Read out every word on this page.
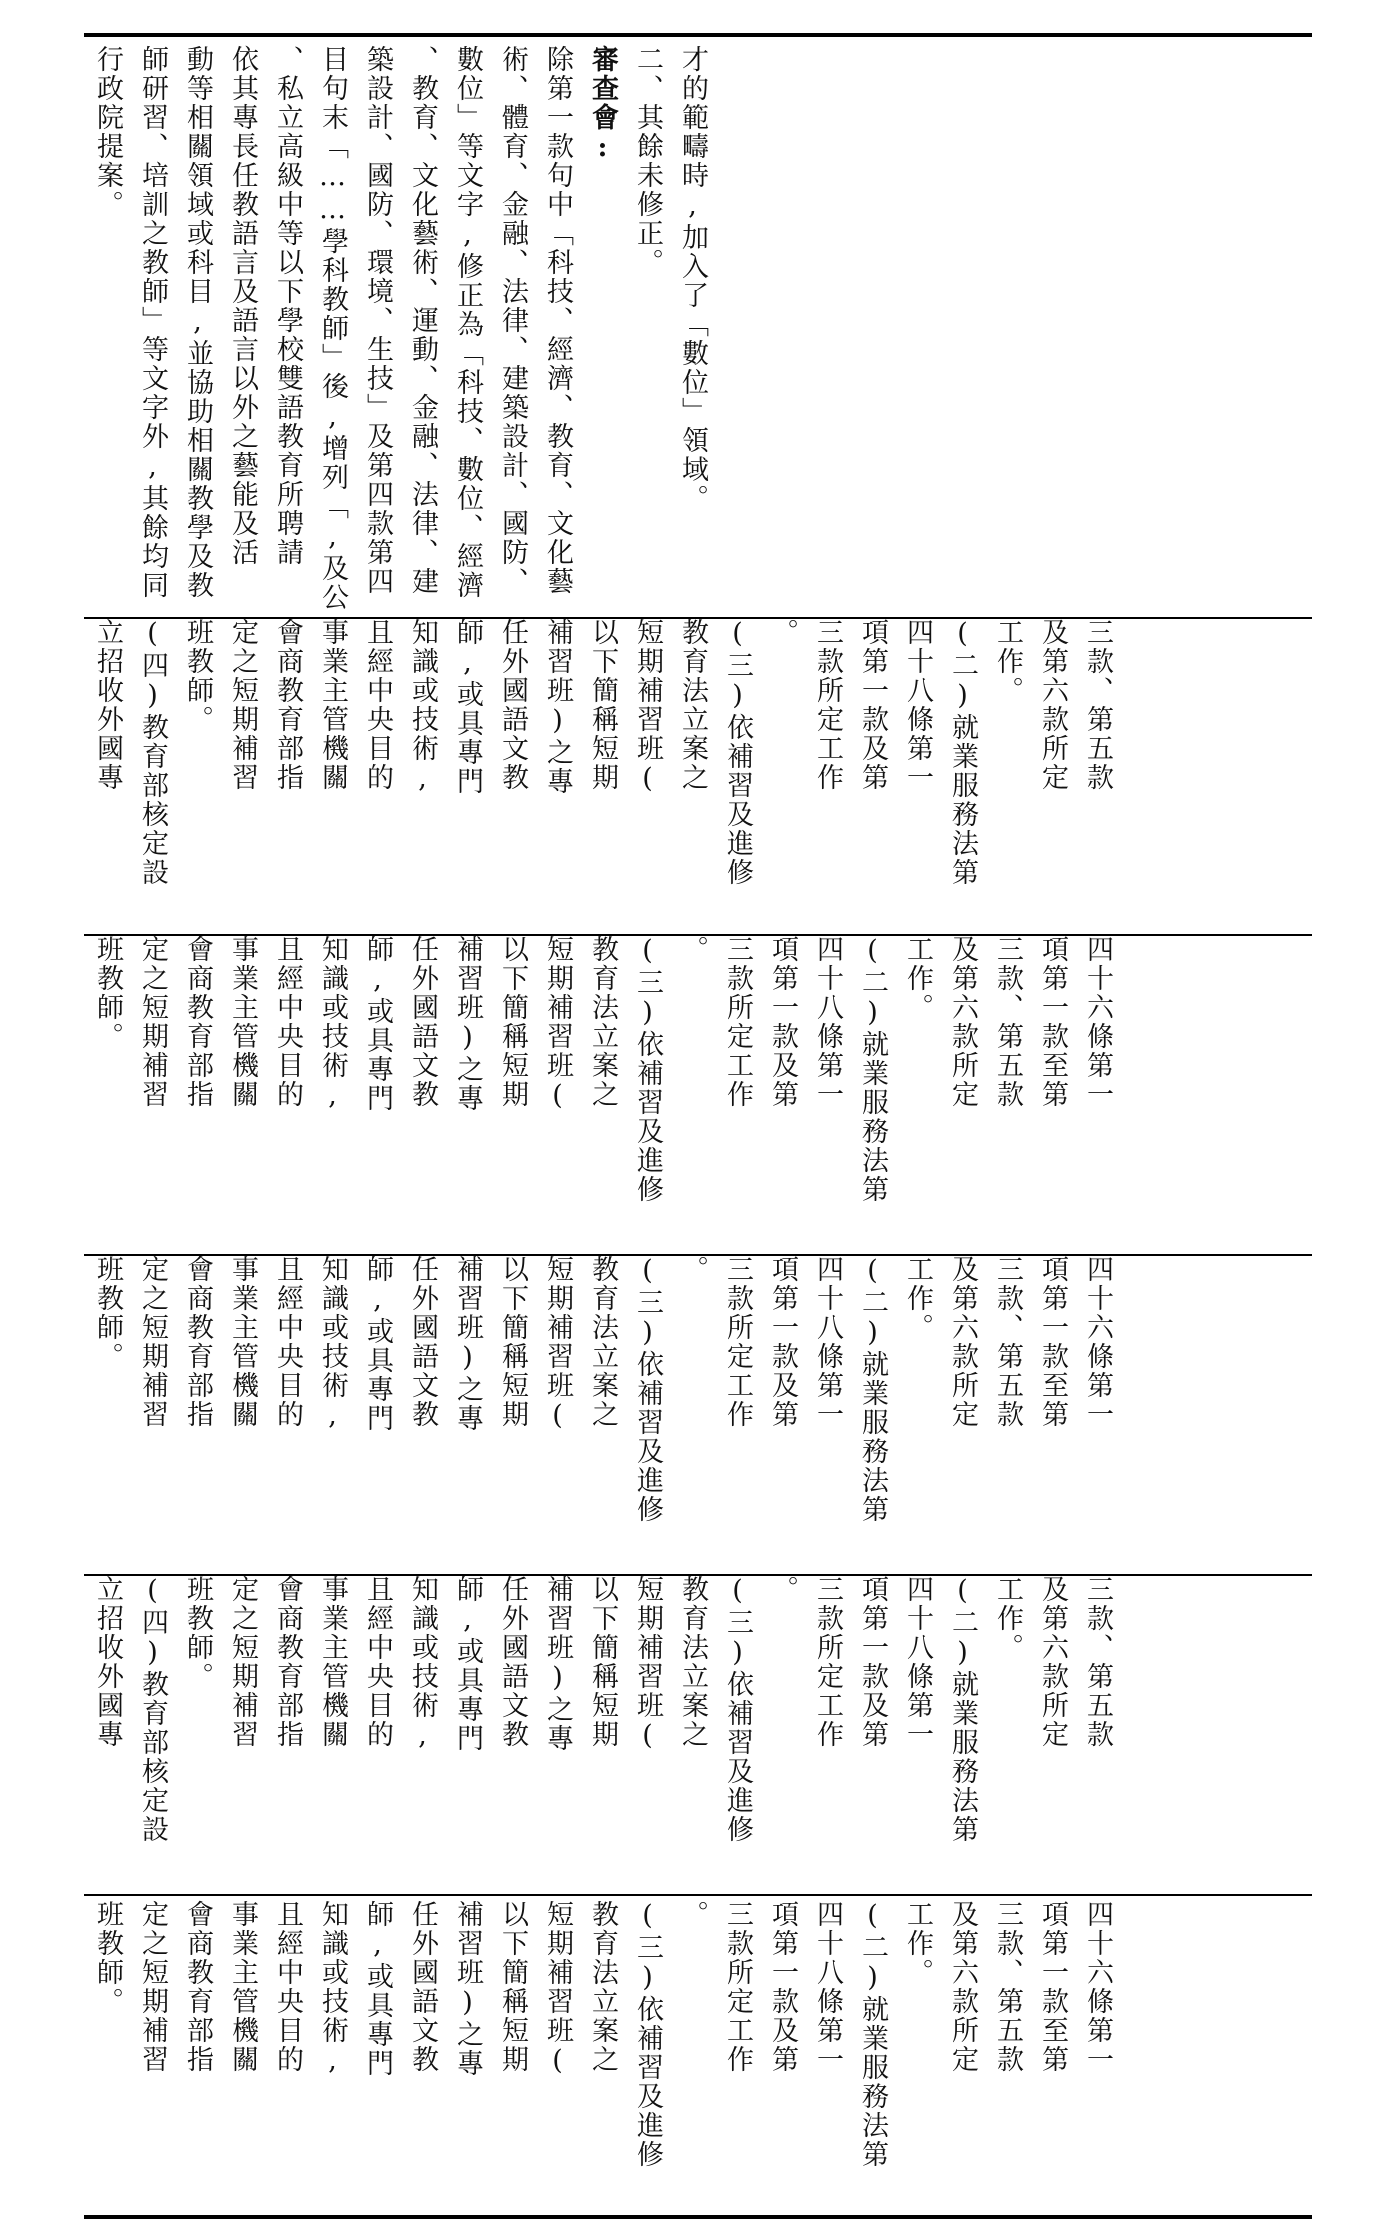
四十六條第一
項第一款至第
三款、第五款
及第六款所定
工作。
(二)就業服務法第
四十八條第一
項第一款及第
三款所定工作
。
(三)依補習及進修
教育法立案之
短期補習班(
以下簡稱短期
補習班)之專
任外國語文教
師,或具專門
知識或技術,
且經中央目的
事業主管機關
會商教育部指
定之短期補習
班教師。
三款、第五款
及第六款所定
工作。
(二)就業服務法第
四十八條第一
項第一款及第
三款所定工作
。
(三)依補習及進修
教育法立案之
短期補習班(
以下簡稱短期
補習班)之專
任外國語文教
師,或具專門
知識或技術,
且經中央目的
事業主管機關
會商教育部指
定之短期補習
班教師。
(四)教育部核定設
立招收外國專
四十六條第一
項第一款至第
三款、第五款
及第六款所定
工作。
(二)就業服務法第
四十八條第一
項第一款及第
三款所定工作
。
(三)依補習及進修
教育法立案之
短期補習班(
以下簡稱短期
補習班)之專
任外國語文教
師,或具專門
知識或技術,
且經中央目的
事業主管機關
會商教育部指
定之短期補習
班教師。
四十六條第一
項第一款至第
三款、第五款
及第六款所定
工作。
(二)就業服務法第
四十八條第一
項第一款及第
三款所定工作
。
(三)依補習及進修
教育法立案之
短期補習班(
以下簡稱短期
補習班)之專
任外國語文教
師,或具專門
知識或技術,
且經中央目的
事業主管機關
會商教育部指
定之短期補習
班教師。
三款、第五款
及第六款所定
工作。
(二)就業服務法第
四十八條第一
項第一款及第
三款所定工作
。
(三)依補習及進修
教育法立案之
短期補習班(
以下簡稱短期
補習班)之專
任外國語文教
師,或具專門
知識或技術,
且經中央目的
事業主管機關
會商教育部指
定之短期補習
班教師。
(四)教育部核定設
立招收外國專
才的範疇時,加入了「數位」領域。
二、其餘未修正。
審查會:
除第一款句中「科技、經濟、教育、文化藝
術、體育、金融、法律、建築設計、國防、
數位」等文字,修正為「科技、數位、經濟
、教育、文化藝術、運動、金融、法律、建
築設計、國防、環境、生技」及第四款第四
目句末「……學科教師」後,增列「,及公
、私立高級中等以下學校雙語教育所聘請
依其專長任教語言及語言以外之藝能及活
動等相關領域或科目,並協助相關教學及教
師研習、培訓之教師」等文字外,其餘均同
行政院提案。
